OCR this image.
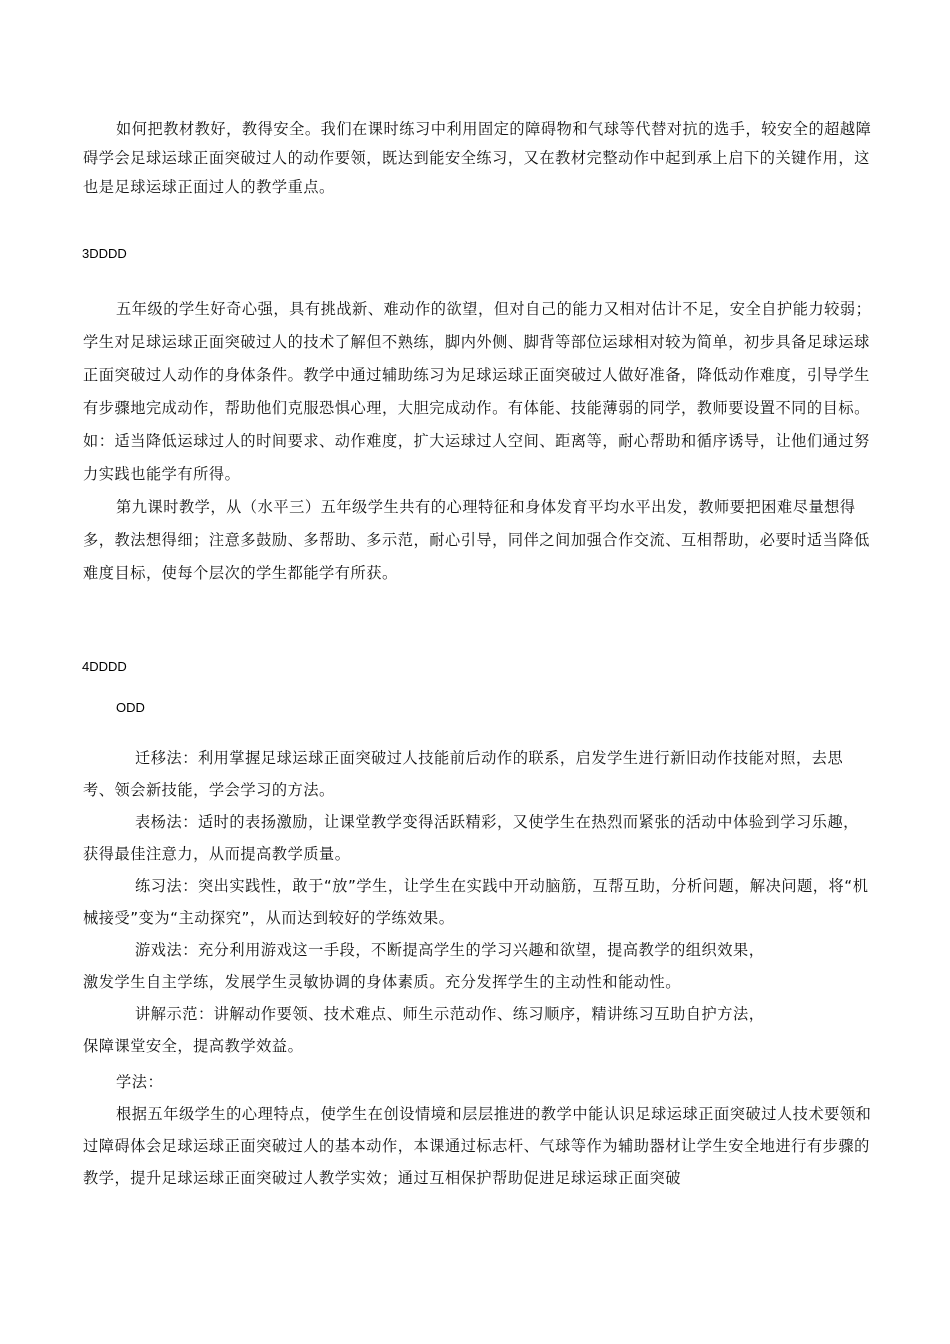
如何把教材教好，教得安全。我们在课时练习中利用固定的障碍物和气球等代替对抗的选手，较安全的超越障碍学会足球运球正面突破过人的动作要领，既达到能安全练习，又在教材完整动作中起到承上启下的关键作用，这也是足球运球正面过人的教学重点。

3DDDD

五年级的学生好奇心强，具有挑战新、难动作的欲望，但对自己的能力又相对估计不足，安全自护能力较弱；学生对足球运球正面突破过人的技术了解但不熟练，脚内外侧、脚背等部位运球相对较为简单，初步具备足球运球正面突破过人动作的身体条件。教学中通过辅助练习为足球运球正面突破过人做好准备，降低动作难度，引导学生有步骤地完成动作，帮助他们克服恐惧心理，大胆完成动作。有体能、技能薄弱的同学，教师要设置不同的目标。如：适当降低运球过人的时间要求、动作难度，扩大运球过人空间、距离等，耐心帮助和循序诱导，让他们通过努力实践也能学有所得。

第九课时教学，从（水平三）五年级学生共有的心理特征和身体发育平均水平出发，教师要把困难尽量想得多，教法想得细；注意多鼓励、多帮助、多示范，耐心引导，同伴之间加强合作交流、互相帮助，必要时适当降低难度目标，使每个层次的学生都能学有所获。

4DDDD
ODD

迁移法：利用掌握足球运球正面突破过人技能前后动作的联系，启发学生进行新旧动作技能对照，去思考、领会新技能，学会学习的方法。

表杨法：适时的表扬激励，让课堂教学变得活跃精彩，又使学生在热烈而紧张的活动中体验到学习乐趣，获得最佳注意力，从而提高教学质量。

练习法：突出实践性，敢于“放”学生，让学生在实践中开动脑筋，互帮互助，分析问题，解决问题，将“机械接受”变为“主动探究”，从而达到较好的学练效果。

游戏法：充分利用游戏这一手段，不断提高学生的学习兴趣和欲望，提高教学的组织效果，

激发学生自主学练，发展学生灵敏协调的身体素质。充分发挥学生的主动性和能动性。

讲解示范：讲解动作要领、技术难点、师生示范动作、练习顺序，精讲练习互助自护方法，

保障课堂安全，提高教学效益。

学法：

根据五年级学生的心理特点，使学生在创设情境和层层推进的教学中能认识足球运球正面突破过人技术要领和过障碍体会足球运球正面突破过人的基本动作，本课通过标志杆、气球等作为辅助器材让学生安全地进行有步骤的教学，提升足球运球正面突破过人教学实效；通过互相保护帮助促进足球运球正面突破
